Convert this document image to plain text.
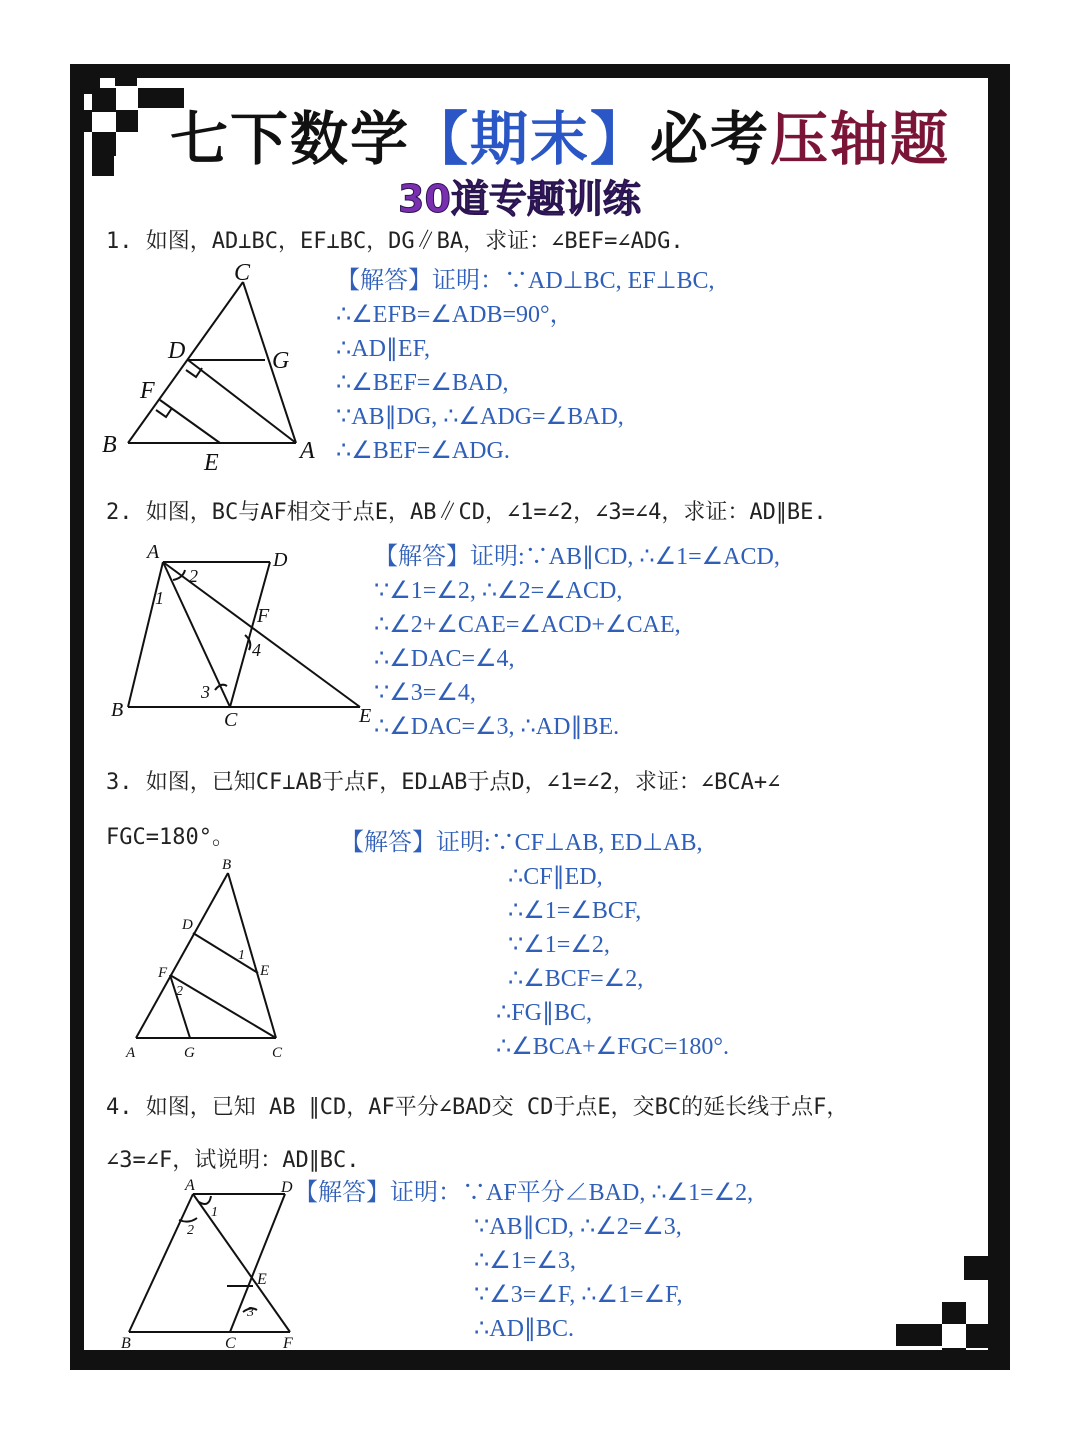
七下数学【期末】必考压轴题
30道专题训练
1. 如图，AD⊥BC，EF⊥BC，DG∥BA，求证：∠BEF=∠ADG.
C
D	G
F
B
E	A
【解答】证明：∵AD⊥BC, EF⊥BC,
∴∠EFB=∠ADB=90°，
∴AD∥EF,
∴∠BEF=∠BAD,
∵AB∥DG, ∴∠ADG=∠BAD,
∴∠BEF=∠ADG.
2. 如图，BC与AF相交于点E，AB∥CD，∠1=∠2，∠3=∠4，求证：AD∥BE.
A	D
2
1
F
4
3
B	C	E
【解答】证明:∵AB∥CD, ∴∠1=∠ACD,
∵∠1=∠2, ∴∠2=∠ACD,
∴∠2+∠CAE=∠ACD+∠CAE,
∴∠DAC=∠4,
∵∠3=∠4,
∴∠DAC=∠3, ∴AD∥BE.
3. 如图，已知CF⊥AB于点F，ED⊥AB于点D，∠1=∠2，求证：∠BCA+∠
FGC=180°。
B
D
1
E
F
2
A	G	C
【解答】证明:∵CF⊥AB, ED⊥AB,
∴CF∥ED,
∴∠1=∠BCF,
∵∠1=∠2,
∴∠BCF=∠2,
∴FG∥BC,
∴∠BCA+∠FGC=180°.
4. 如图，已知 AB ∥CD，AF平分∠BAD交 CD于点E，交BC的延长线于点F，
∠3=∠F，试说明：AD∥BC.
A	D
1
2
E
3
B	C	F
【解答】证明：∵AF平分∠BAD, ∴∠1=∠2,
∵AB∥CD, ∴∠2=∠3,
∴∠1=∠3,
∵∠3=∠F, ∴∠1=∠F,
∴AD∥BC.
